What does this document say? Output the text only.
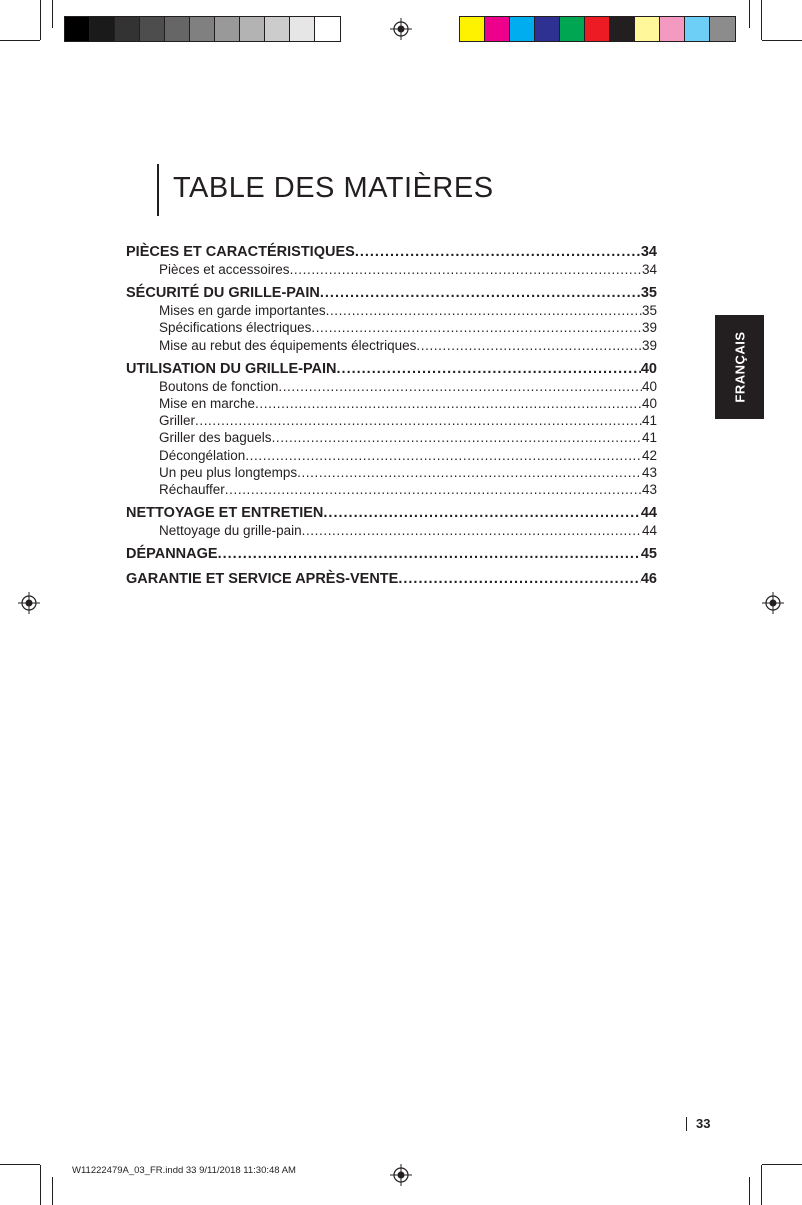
TABLE DES MATIÈRES
PIÈCES ET CARACTÉRISTIQUES .....	34
Pièces et accessoires .....	34
SÉCURITÉ DU GRILLE-PAIN .....	35
Mises en garde importantes .....	35
Spécifications électriques .....	39
Mise au rebut des équipements électriques .....	39
UTILISATION DU GRILLE-PAIN .....	40
Boutons de fonction .....	40
Mise en marche .....	40
Griller .....	41
Griller des baguels .....	41
Décongélation .....	42
Un peu plus longtemps .....	43
Réchauffer .....	43
NETTOYAGE ET ENTRETIEN .....	44
Nettoyage du grille-pain .....	44
DÉPANNAGE .....	45
GARANTIE ET SERVICE APRÈS-VENTE .....	46
FRANÇAIS
33
W11222479A_03_FR.indd 33 9/11/2018 11:30:48 AM
